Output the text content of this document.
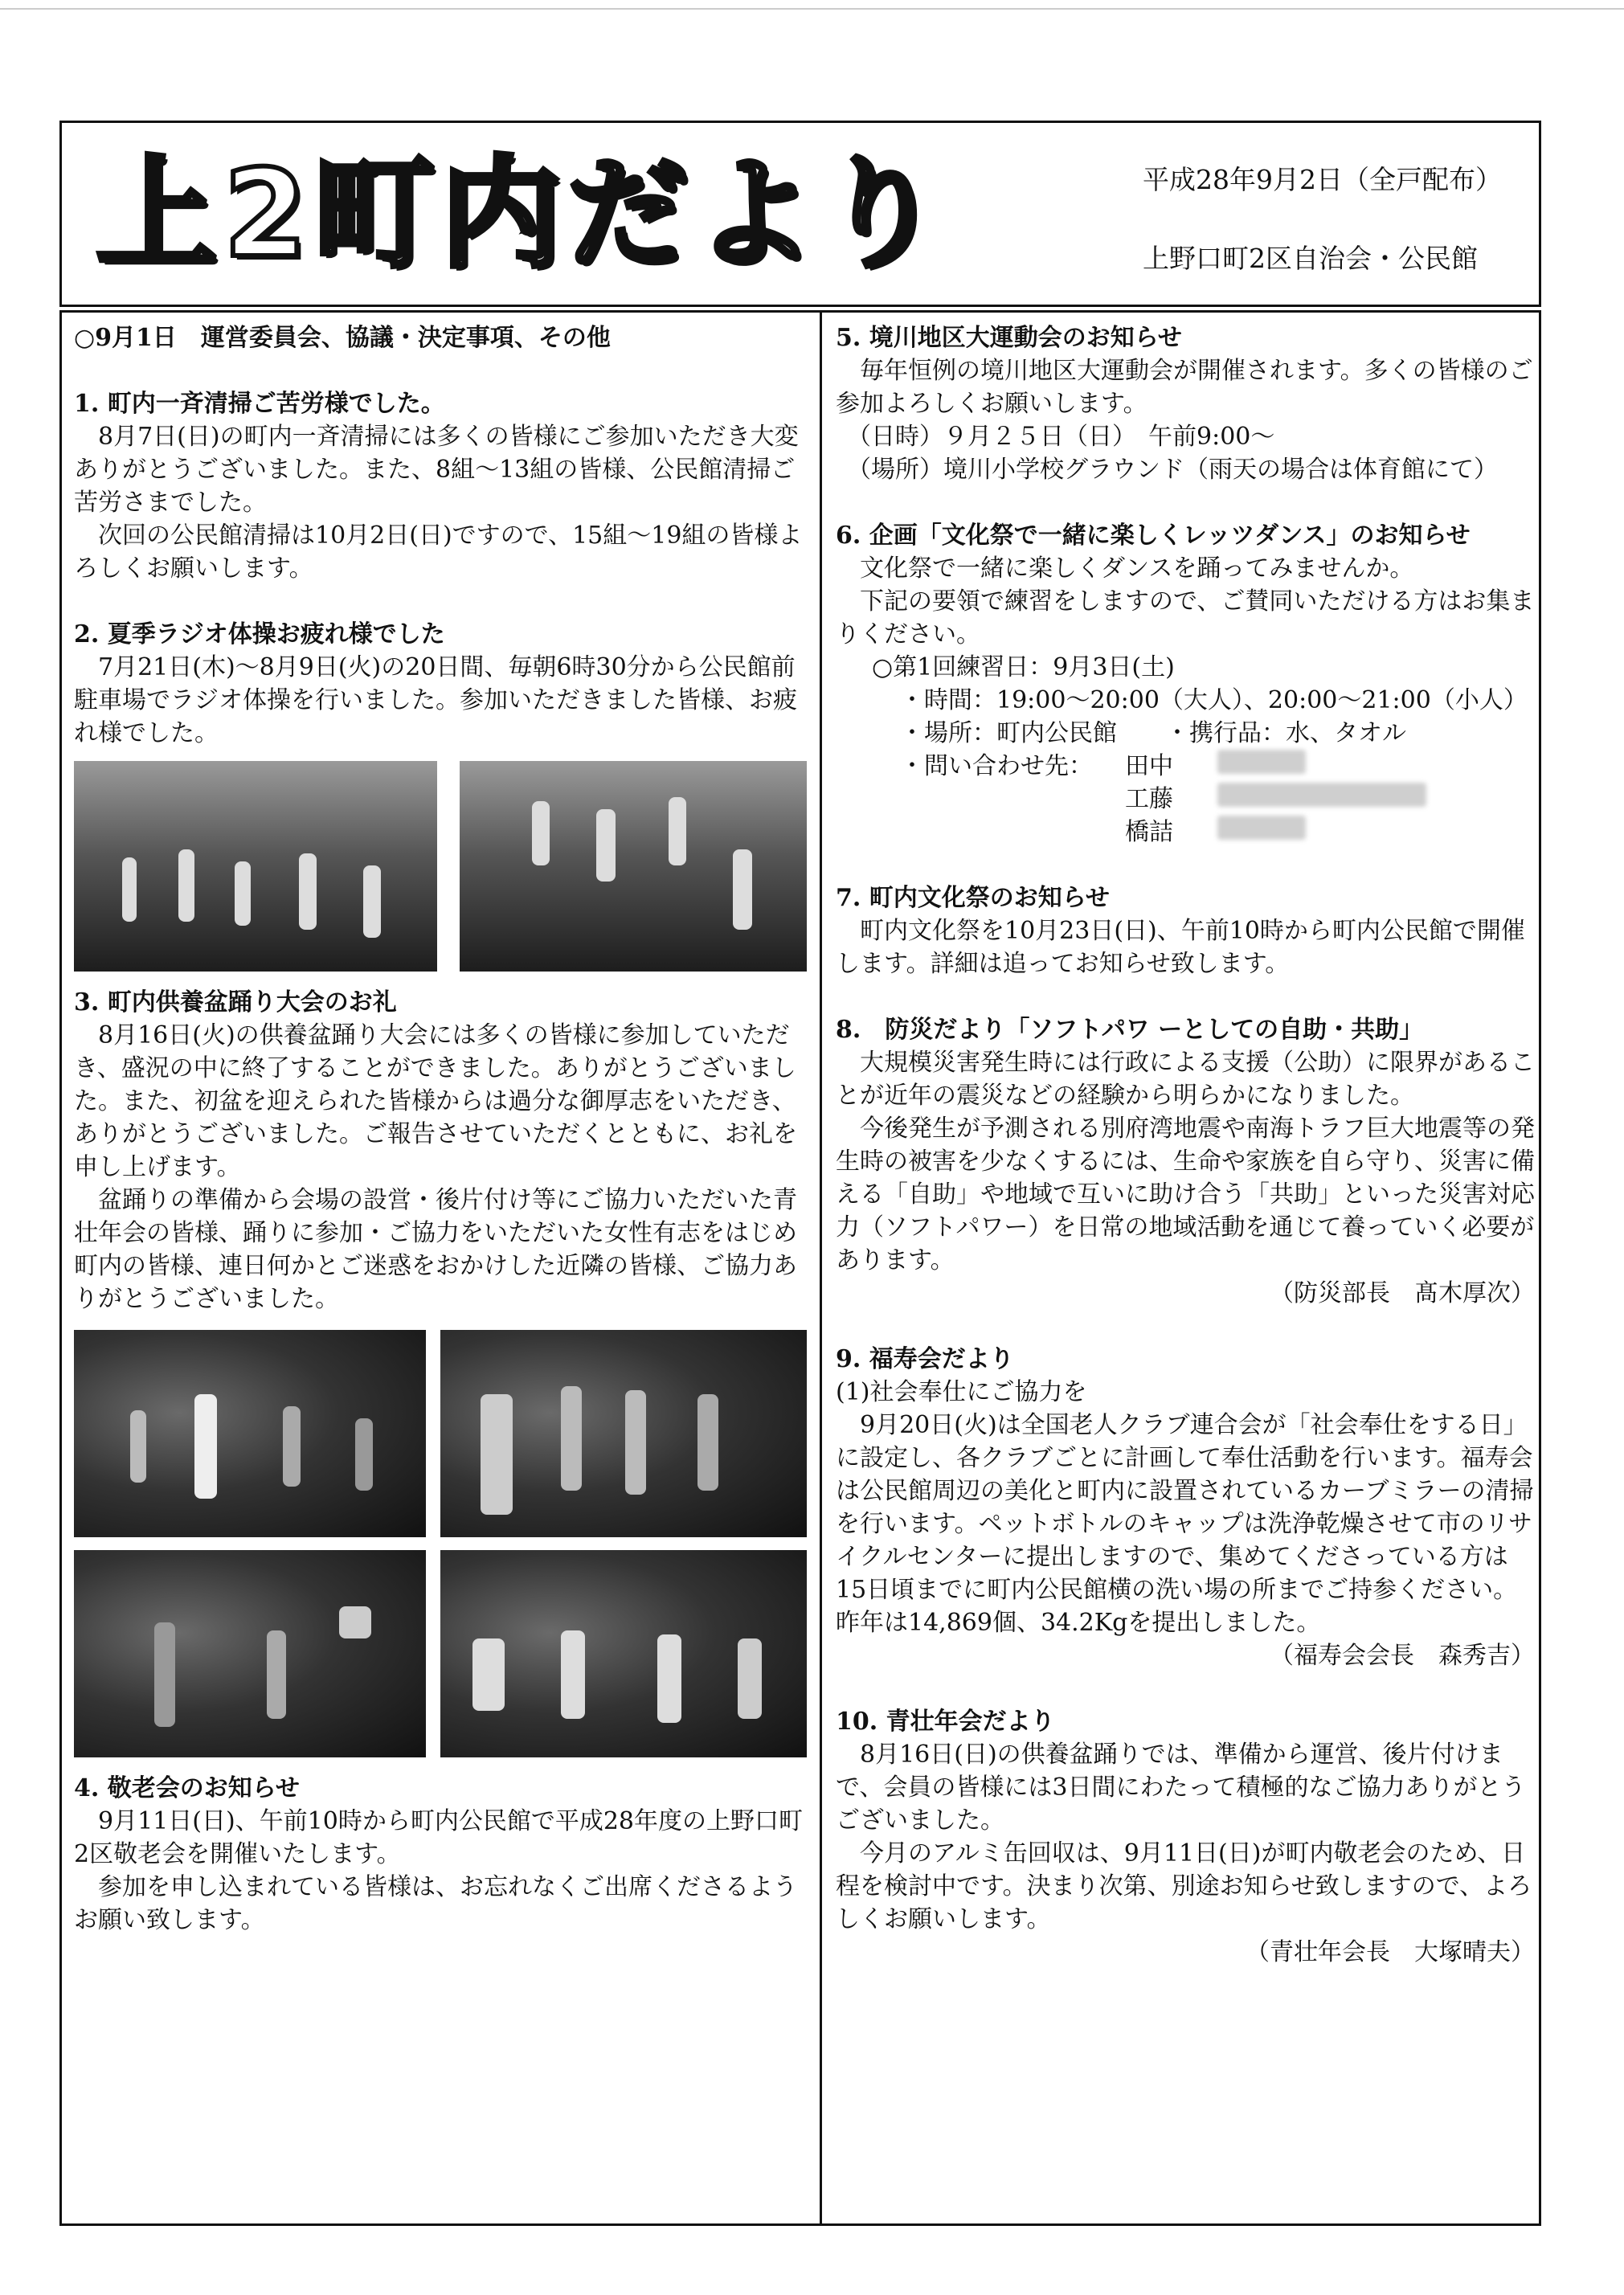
上2町内だより	平成28年9月2日（全戸配布）
上野口町2区自治会・公民館

○9月1日　運営委員会、協議・決定事項、その他

1. 町内一斉清掃ご苦労様でした。

8月7日(日)の町内一斉清掃には多くの皆様にご参加いただき大変ありがとうございました。また、8組～13組の皆様、公民館清掃ご苦労さまでした。

次回の公民館清掃は10月2日(日)ですので、15組～19組の皆様よろしくお願いします。

2. 夏季ラジオ体操お疲れ様でした

7月21日(木)～8月9日(火)の20日間、毎朝6時30分から公民館前駐車場でラジオ体操を行いました。参加いただきました皆様、お疲れ様でした。

3. 町内供養盆踊り大会のお礼

8月16日(火)の供養盆踊り大会には多くの皆様に参加していただき、盛況の中に終了することができました。ありがとうございました。また、初盆を迎えられた皆様からは過分な御厚志をいただき、ありがとうございました。ご報告させていただくとともに、お礼を申し上げます。

盆踊りの準備から会場の設営・後片付け等にご協力いただいた青壮年会の皆様、踊りに参加・ご協力をいただいた女性有志をはじめ町内の皆様、連日何かとご迷惑をおかけした近隣の皆様、ご協力ありがとうございました。

4. 敬老会のお知らせ

9月11日(日)、午前10時から町内公民館で平成28年度の上野口町2区敬老会を開催いたします。

参加を申し込まれている皆様は、お忘れなくご出席くださるようお願い致します。

5. 境川地区大運動会のお知らせ

毎年恒例の境川地区大運動会が開催されます。多くの皆様のご参加よろしくお願いします。

（日時）９月２５日（日）　午前9:00～

（場所）境川小学校グラウンド（雨天の場合は体育館にて）

6. 企画「文化祭で一緒に楽しくレッツダンス」のお知らせ

文化祭で一緒に楽しくダンスを踊ってみませんか。

下記の要領で練習をしますので、ご賛同いただける方はお集まりください。

○第1回練習日：9月3日(土)

・時間：19:00～20:00（大人）、20:00～21:00（小人）

・場所：町内公民館　　・携行品：水、タオル

・問い合わせ先：	田中
工藤
橋詰

7. 町内文化祭のお知らせ

町内文化祭を10月23日(日)、午前10時から町内公民館で開催します。詳細は追ってお知らせ致します。

8.　防災だより「ソフトパワ ーとしての自助・共助」

大規模災害発生時には行政による支援（公助）に限界があることが近年の震災などの経験から明らかになりました。

今後発生が予測される別府湾地震や南海トラフ巨大地震等の発生時の被害を少なくするには、生命や家族を自ら守り、災害に備える「自助」や地域で互いに助け合う「共助」といった災害対応力（ソフトパワー）を日常の地域活動を通じて養っていく必要があります。

（防災部長　髙木厚次）

9. 福寿会だより

(1)社会奉仕にご協力を

9月20日(火)は全国老人クラブ連合会が「社会奉仕をする日」に設定し、各クラブごとに計画して奉仕活動を行います。福寿会は公民館周辺の美化と町内に設置されているカーブミラーの清掃を行います。ペットボトルのキャップは洗浄乾燥させて市のリサイクルセンターに提出しますので、集めてくださっている方は15日頃までに町内公民館横の洗い場の所までご持参ください。昨年は14,869個、34.2Kgを提出しました。

（福寿会会長　森秀吉）

10. 青壮年会だより

8月16日(日)の供養盆踊りでは、準備から運営、後片付けまで、会員の皆様には3日間にわたって積極的なご協力ありがとうございました。

今月のアルミ缶回収は、9月11日(日)が町内敬老会のため、日程を検討中です。決まり次第、別途お知らせ致しますので、よろしくお願いします。

（青壮年会長　大塚晴夫）
